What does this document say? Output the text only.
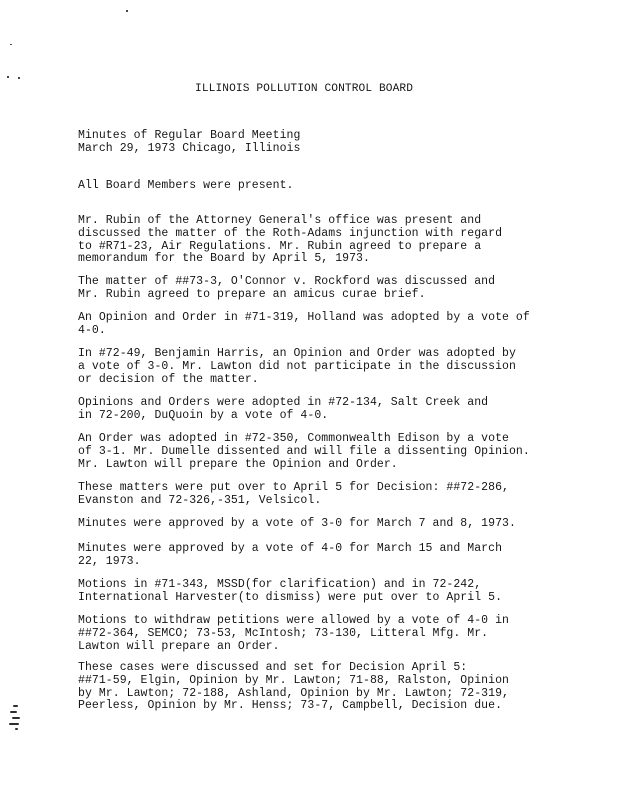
ILLINOIS POLLUTION CONTROL BOARD
Minutes of Regular Board Meeting
March 29, 1973 Chicago, Illinois
All Board Members were present.
Mr. Rubin of the Attorney General's office was present and
discussed the matter of the Roth-Adams injunction with regard
to #R71-23, Air Regulations. Mr. Rubin agreed to prepare a
memorandum for the Board by April 5, 1973.
The matter of ##73-3, O'Connor v. Rockford was discussed and
Mr. Rubin agreed to prepare an amicus curae brief.
An Opinion and Order in #71-319, Holland was adopted by a vote of
4-0.
In #72-49, Benjamin Harris, an Opinion and Order was adopted by
a vote of 3-0. Mr. Lawton did not participate in the discussion
or decision of the matter.
Opinions and Orders were adopted in #72-134, Salt Creek and
in 72-200, DuQuoin by a vote of 4-0.
An Order was adopted in #72-350, Commonwealth Edison by a vote
of 3-1. Mr. Dumelle dissented and will file a dissenting Opinion.
Mr. Lawton will prepare the Opinion and Order.
These matters were put over to April 5 for Decision: ##72-286,
Evanston and 72-326,-351, Velsicol.
Minutes were approved by a vote of 3-0 for March 7 and 8, 1973.
Minutes were approved by a vote of 4-0 for March 15 and March
22, 1973.
Motions in #71-343, MSSD(for clarification) and in 72-242,
International Harvester(to dismiss) were put over to April 5.
Motions to withdraw petitions were allowed by a vote of 4-0 in
##72-364, SEMCO; 73-53, McIntosh; 73-130, Litteral Mfg. Mr.
Lawton will prepare an Order.
These cases were discussed and set for Decision April 5:
##71-59, Elgin, Opinion by Mr. Lawton; 71-88, Ralston, Opinion
by Mr. Lawton; 72-188, Ashland, Opinion by Mr. Lawton; 72-319,
Peerless, Opinion by Mr. Henss; 73-7, Campbell, Decision due.
